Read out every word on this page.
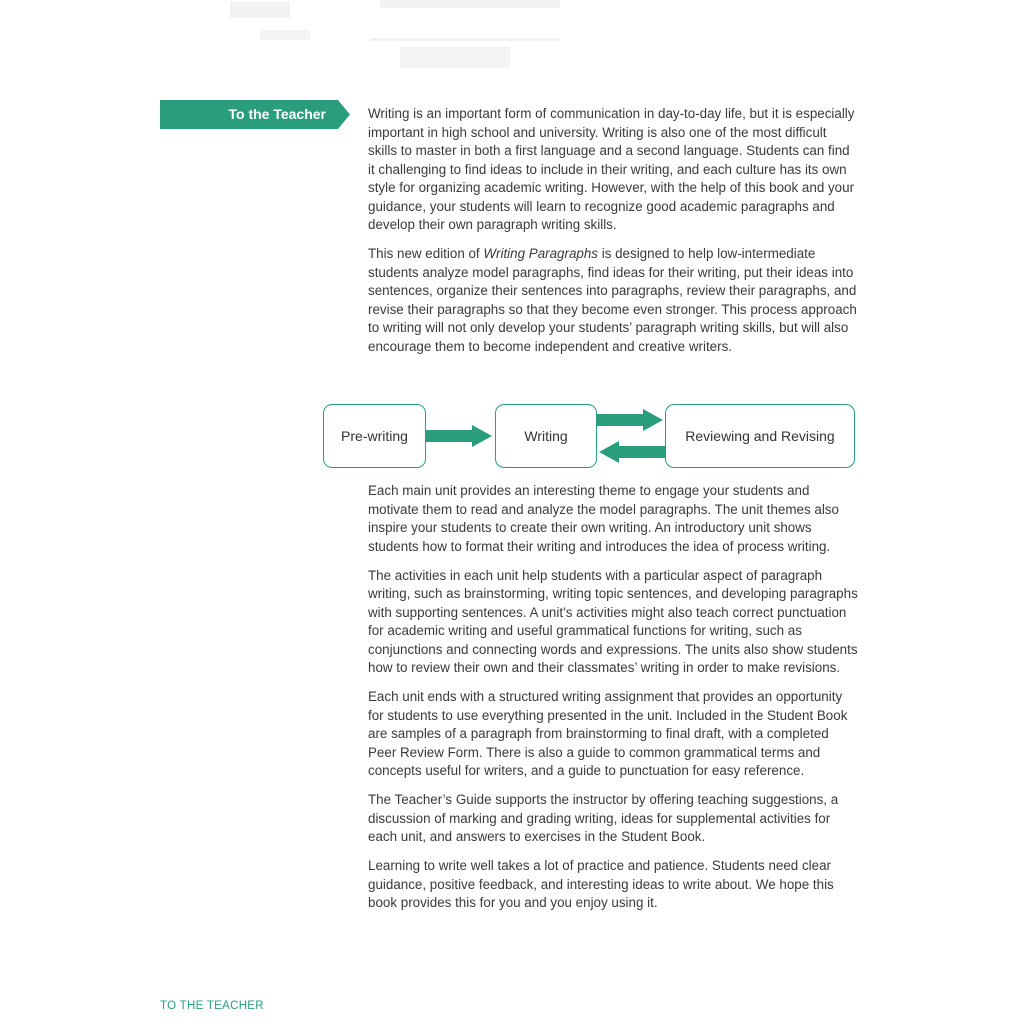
To the Teacher	Writing is an important form of communication in day-to-day life, but it is especially important in high school and university. Writing is also one of the most difficult skills to master in both a first language and a second language. Students can find it challenging to find ideas to include in their writing, and each culture has its own style for organizing academic writing. However, with the help of this book and your guidance, your students will learn to recognize good academic paragraphs and develop their own paragraph writing skills.

This new edition of Writing Paragraphs is designed to help low-intermediate students analyze model paragraphs, find ideas for their writing, put their ideas into sentences, organize their sentences into paragraphs, review their paragraphs, and revise their paragraphs so that they become even stronger. This process approach to writing will not only develop your students’ paragraph writing skills, but will also encourage them to become independent and creative writers.

Pre-writing	Writing	Reviewing and Revising

Each main unit provides an interesting theme to engage your students and motivate them to read and analyze the model paragraphs. The unit themes also inspire your students to create their own writing. An introductory unit shows students how to format their writing and introduces the idea of process writing.

The activities in each unit help students with a particular aspect of paragraph writing, such as brainstorming, writing topic sentences, and developing paragraphs with supporting sentences. A unit’s activities might also teach correct punctuation for academic writing and useful grammatical functions for writing, such as conjunctions and connecting words and expressions. The units also show students how to review their own and their classmates’ writing in order to make revisions.

Each unit ends with a structured writing assignment that provides an opportunity for students to use everything presented in the unit. Included in the Student Book are samples of a paragraph from brainstorming to final draft, with a completed Peer Review Form. There is also a guide to common grammatical terms and concepts useful for writers, and a guide to punctuation for easy reference.

The Teacher’s Guide supports the instructor by offering teaching suggestions, a discussion of marking and grading writing, ideas for supplemental activities for each unit, and answers to exercises in the Student Book.

Learning to write well takes a lot of practice and patience. Students need clear guidance, positive feedback, and interesting ideas to write about. We hope this book provides this for you and you enjoy using it.

TO THE TEACHER
